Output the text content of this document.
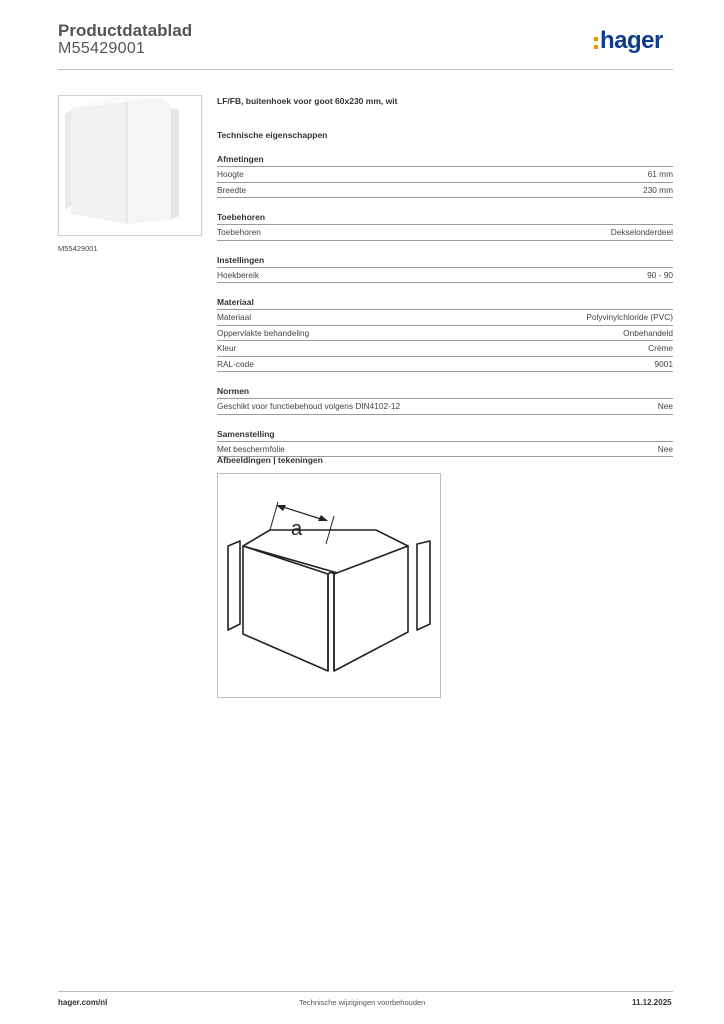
Productdatablad
M55429001	hager
M55429001

LF/FB, buitenhoek voor goot 60x230 mm, wit

Technische eigenschappen
Afmetingen
Hoogte	61 mm
Breedte	230 mm
Toebehoren
Toebehoren	Dekselonderdeel
Instellingen
Hoekbereik	90 - 90
Materiaal
Materiaal	Polyvinylchloride (PVC)
Oppervlakte behandeling	Onbehandeld
Kleur	Crème
RAL-code	9001
Normen
Geschikt voor functiebehoud volgens DIN4102-12	Nee
Samenstelling
Met beschermfolie	Nee
Afbeeldingen | tekeningen
a
hager.com/nl	Technische wijzigingen voorbehouden	11.12.2025
